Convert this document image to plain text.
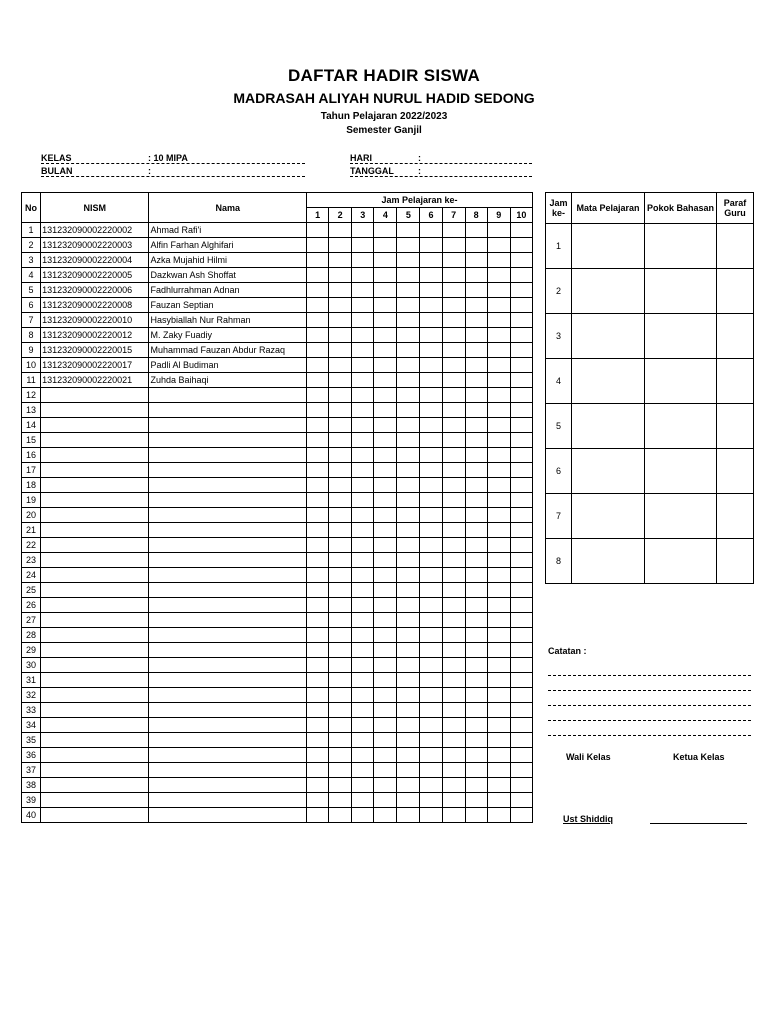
DAFTAR HADIR SISWA
MADRASAH ALIYAH NURUL HADID SEDONG
Tahun Pelajaran 2022/2023
Semester Ganjil
KELAS	: 10 MIPA
BULAN	:
HARI	:
TANGGAL	:
No	NISM	Nama	Jam Pelajaran ke-									
			1	2	3	4	5	6	7	8	9	10
1	131232090002220002	Ahmad Rafi'i										
2	131232090002220003	Alfin Farhan Alghifari										
3	131232090002220004	Azka Mujahid Hilmi										
4	131232090002220005	Dazkwan Ash Shoffat										
5	131232090002220006	Fadhlurrahman Adnan										
6	131232090002220008	Fauzan Septian										
7	131232090002220010	Hasybiallah Nur Rahman										
8	131232090002220012	M. Zaky Fuadiy										
9	131232090002220015	Muhammad Fauzan Abdur Razaq										
10	131232090002220017	Padli Al Budiman										
11	131232090002220021	Zuhda Baihaqi										
12												
13												
14												
15												
16												
17												
18												
19												
20												
21												
22												
23												
24												
25												
26												
27												
28												
29												
30												
31												
32												
33												
34												
35												
36												
37												
38												
39												
40												
Jam
ke-	Mata Pelajaran	Pokok Bahasan	Paraf
Guru
1			
2			
3			
4			
5			
6			
7			
8			
Catatan :
Wali Kelas	Ketua Kelas
Ust Shiddiq
